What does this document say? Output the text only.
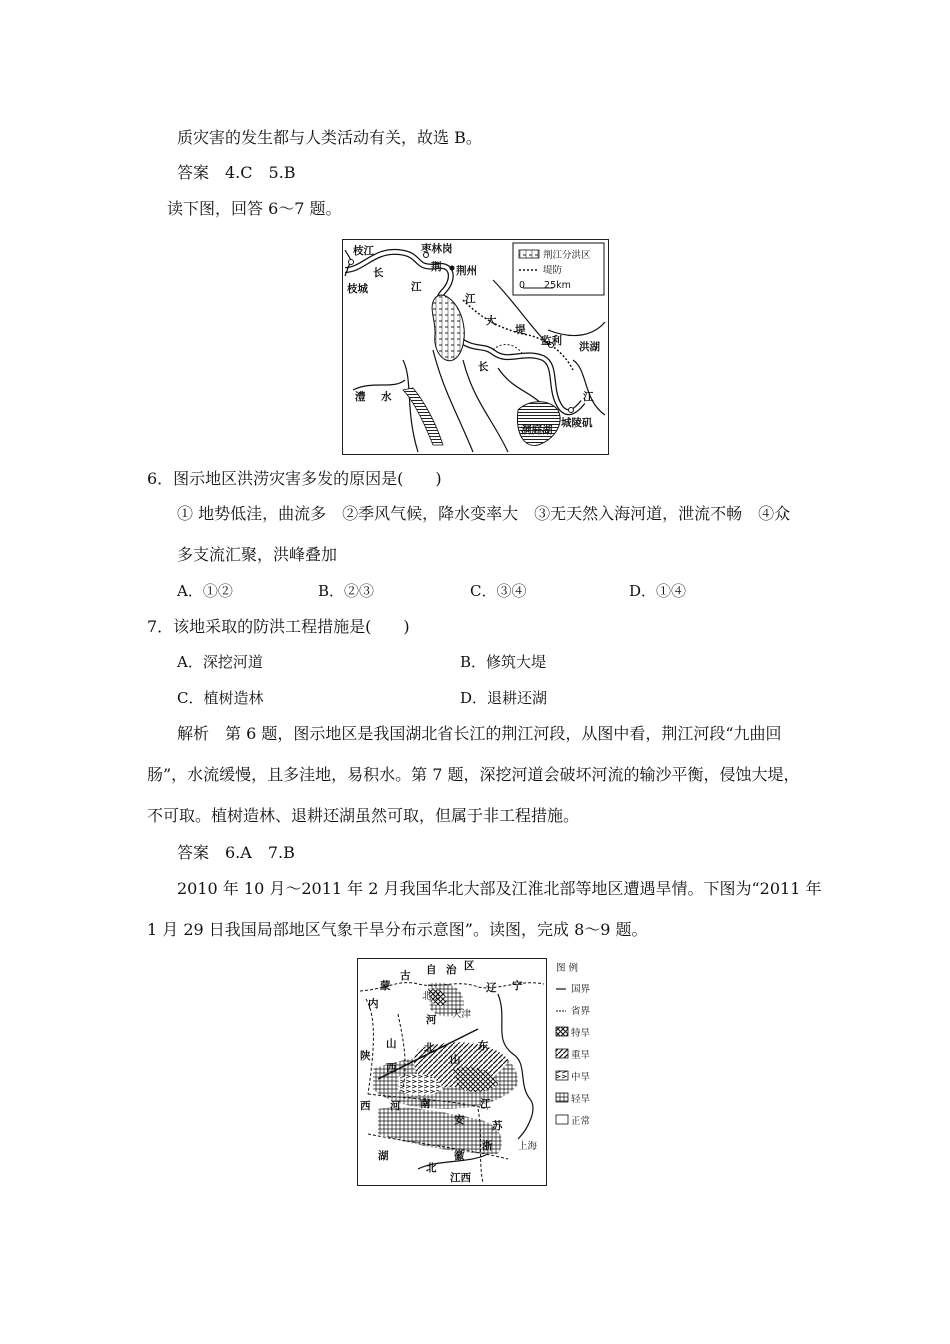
质灾害的发生都与人类活动有关，故选 B。
答案　4.C　5.B
读下图，回答 6～7 题。
荆江分洪区
堤防
0　　25km
枝江	枣林岗
荆 荆州
长
江
枝城
江
大
堤
监利 洪湖
长
澧 水	江
洞庭湖
城陵矶
6．图示地区洪涝灾害多发的原因是(　　)
① 地势低洼，曲流多　②季风气候，降水变率大　③无天然入海河道，泄流不畅　④众
多支流汇聚，洪峰叠加
A．①②	B．②③	C．③④	D．①④
7．该地采取的防洪工程措施是(　　)
A．深挖河道	B．修筑大堤
C．植树造林	D．退耕还湖
解析　第 6 题，图示地区是我国湖北省长江的荆江河段，从图中看，荆江河段“九曲回
肠”，水流缓慢，且多洼地，易积水。第 7 题，深挖河道会破坏河流的输沙平衡，侵蚀大堤，
不可取。植树造林、退耕还湖虽然可取，但属于非工程措施。
答案　6.A　7.B
2010 年 10 月～2011 年 2 月我国华北大部及江淮北部等地区遭遇旱情。下图为“2011 年
1 月 29 日我国局部地区气象干旱分布示意图”。读图，完成 8～9 题。
图 例
国界
省界
特旱
重旱
中旱
轻旱
正常
内
蒙
古 自 治 区
辽 宁
北京
天津
河
北
山
西
陕
东
山
西 河 南	江
安	苏
上海
湖
北
徽
浙
江西
